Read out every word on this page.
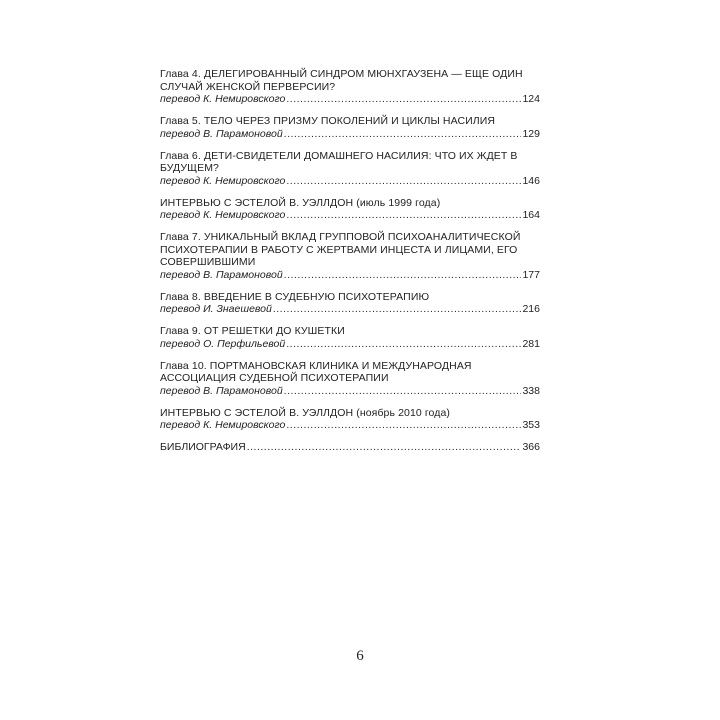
Глава 4. ДЕЛЕГИРОВАННЫЙ СИНДРОМ МЮНХГАУЗЕНА — ЕЩЕ ОДИН СЛУЧАЙ ЖЕНСКОЙ ПЕРВЕРСИИ?
перевод К. Немировского .....	124
Глава 5. ТЕЛО ЧЕРЕЗ ПРИЗМУ ПОКОЛЕНИЙ И ЦИКЛЫ НАСИЛИЯ
перевод В. Парамоновой .....	129
Глава 6. ДЕТИ-СВИДЕТЕЛИ ДОМАШНЕГО НАСИЛИЯ: ЧТО ИХ ЖДЕТ В БУДУЩЕМ?
перевод К. Немировского .....	146
ИНТЕРВЬЮ С ЭСТЕЛОЙ В. УЭЛЛДОН (июль 1999 года)
перевод К. Немировского .....	164
Глава 7. УНИКАЛЬНЫЙ ВКЛАД ГРУППОВОЙ ПСИХОАНАЛИТИЧЕСКОЙ ПСИХОТЕРАПИИ В РАБОТУ С ЖЕРТВАМИ ИНЦЕСТА И ЛИЦАМИ, ЕГО СОВЕРШИВШИМИ
перевод В. Парамоновой .....	177
Глава 8. ВВЕДЕНИЕ В СУДЕБНУЮ ПСИХОТЕРАПИЮ
перевод И. Знаешевой .....	216
Глава 9. ОТ РЕШЕТКИ ДО КУШЕТКИ
перевод О. Перфильевой .....	281
Глава 10. ПОРТМАНОВСКАЯ КЛИНИКА И МЕЖДУНАРОДНАЯ АССОЦИАЦИЯ СУДЕБНОЙ ПСИХОТЕРАПИИ
перевод В. Парамоновой .....	338
ИНТЕРВЬЮ С ЭСТЕЛОЙ В. УЭЛЛДОН (ноябрь 2010 года)
перевод К. Немировского .....	353
БИБЛИОГРАФИЯ .....	366
6
